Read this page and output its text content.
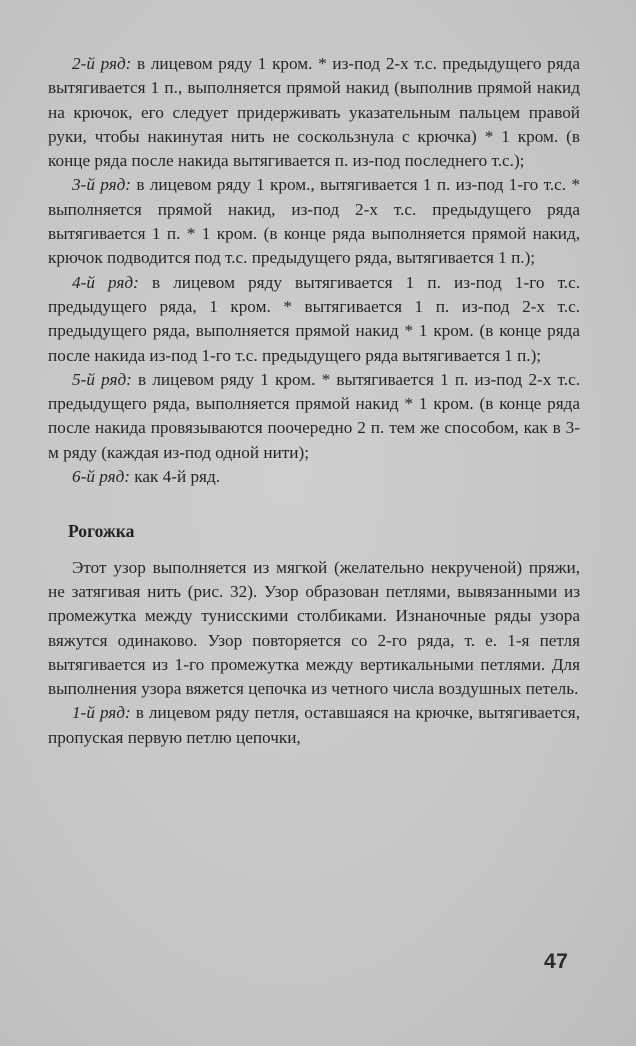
2-й ряд: в лицевом ряду 1 кром. * из-под 2-х т.с. предыдущего ряда вытягивается 1 п., выполняется прямой накид (выполнив прямой накид на крючок, его следует придерживать указательным пальцем правой руки, чтобы накинутая нить не соскользнула с крючка) * 1 кром. (в конце ряда после накида вытягивается п. из-под последнего т.с.);

3-й ряд: в лицевом ряду 1 кром., вытягивается 1 п. из-под 1-го т.с. * выполняется прямой накид, из-под 2-х т.с. предыдущего ряда вытягивается 1 п. * 1 кром. (в конце ряда выполняется прямой накид, крючок подводится под т.с. предыдущего ряда, вытягивается 1 п.);

4-й ряд: в лицевом ряду вытягивается 1 п. из-под 1-го т.с. предыдущего ряда, 1 кром. * вытягивается 1 п. из-под 2-х т.с. предыдущего ряда, выполняется прямой накид * 1 кром. (в конце ряда после накида из-под 1-го т.с. предыдущего ряда вытягивается 1 п.);

5-й ряд: в лицевом ряду 1 кром. * вытягивается 1 п. из-под 2-х т.с. предыдущего ряда, выполняется прямой накид * 1 кром. (в конце ряда после накида провязываются поочередно 2 п. тем же способом, как в 3-м ряду (каждая из-под одной нити);

6-й ряд: как 4-й ряд.

Рогожка

Этот узор выполняется из мягкой (желательно некрученой) пряжи, не затягивая нить (рис. 32). Узор образован петлями, вывязанными из промежутка между тунисскими столбиками. Изнаночные ряды узора вяжутся одинаково. Узор повторяется со 2-го ряда, т. е. 1-я петля вытягивается из 1-го промежутка между вертикальными петлями. Для выполнения узора вяжется цепочка из четного числа воздушных петель.

1-й ряд: в лицевом ряду петля, оставшаяся на крючке, вытягивается, пропуская первую петлю цепочки,

47
